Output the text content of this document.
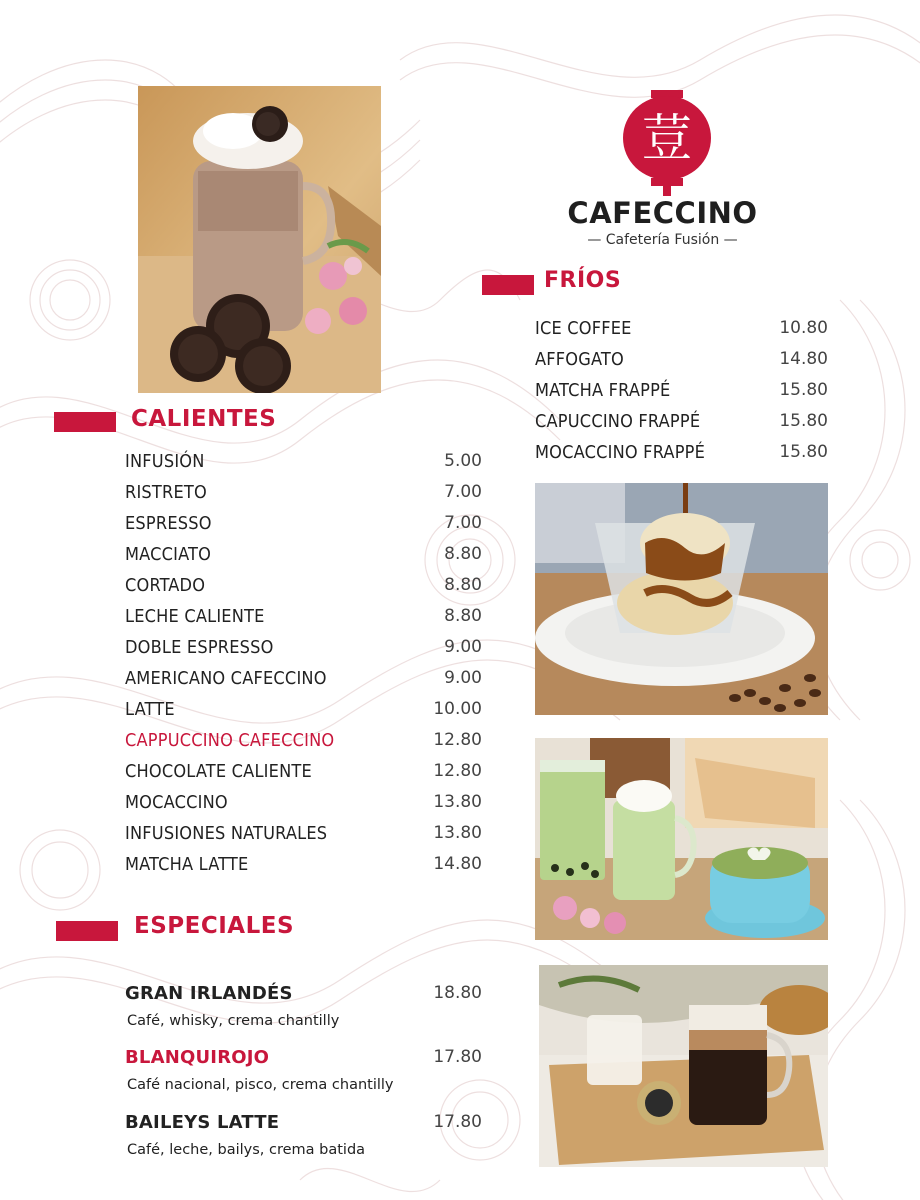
荳
CAFECCINO
— Cafetería Fusión —
FRÍOS
ICE COFFEE	10.80
AFFOGATO	14.80
MATCHA FRAPPÉ	15.80
CAPUCCINO FRAPPÉ	15.80
MOCACCINO FRAPPÉ	15.80
CALIENTES
INFUSIÓN	5.00
RISTRETO	7.00
ESPRESSO	7.00
MACCIATO	8.80
CORTADO	8.80
LECHE CALIENTE	8.80
DOBLE ESPRESSO	9.00
AMERICANO CAFECCINO	9.00
LATTE	10.00
CAPPUCCINO CAFECCINO	12.80
CHOCOLATE CALIENTE	12.80
MOCACCINO	13.80
INFUSIONES NATURALES	13.80
MATCHA LATTE	14.80
ESPECIALES
GRAN IRLANDÉS	18.80
Café, whisky, crema chantilly
BLANQUIROJO	17.80
Café nacional, pisco, crema chantilly
BAILEYS LATTE	17.80
Café, leche, bailys, crema batida
